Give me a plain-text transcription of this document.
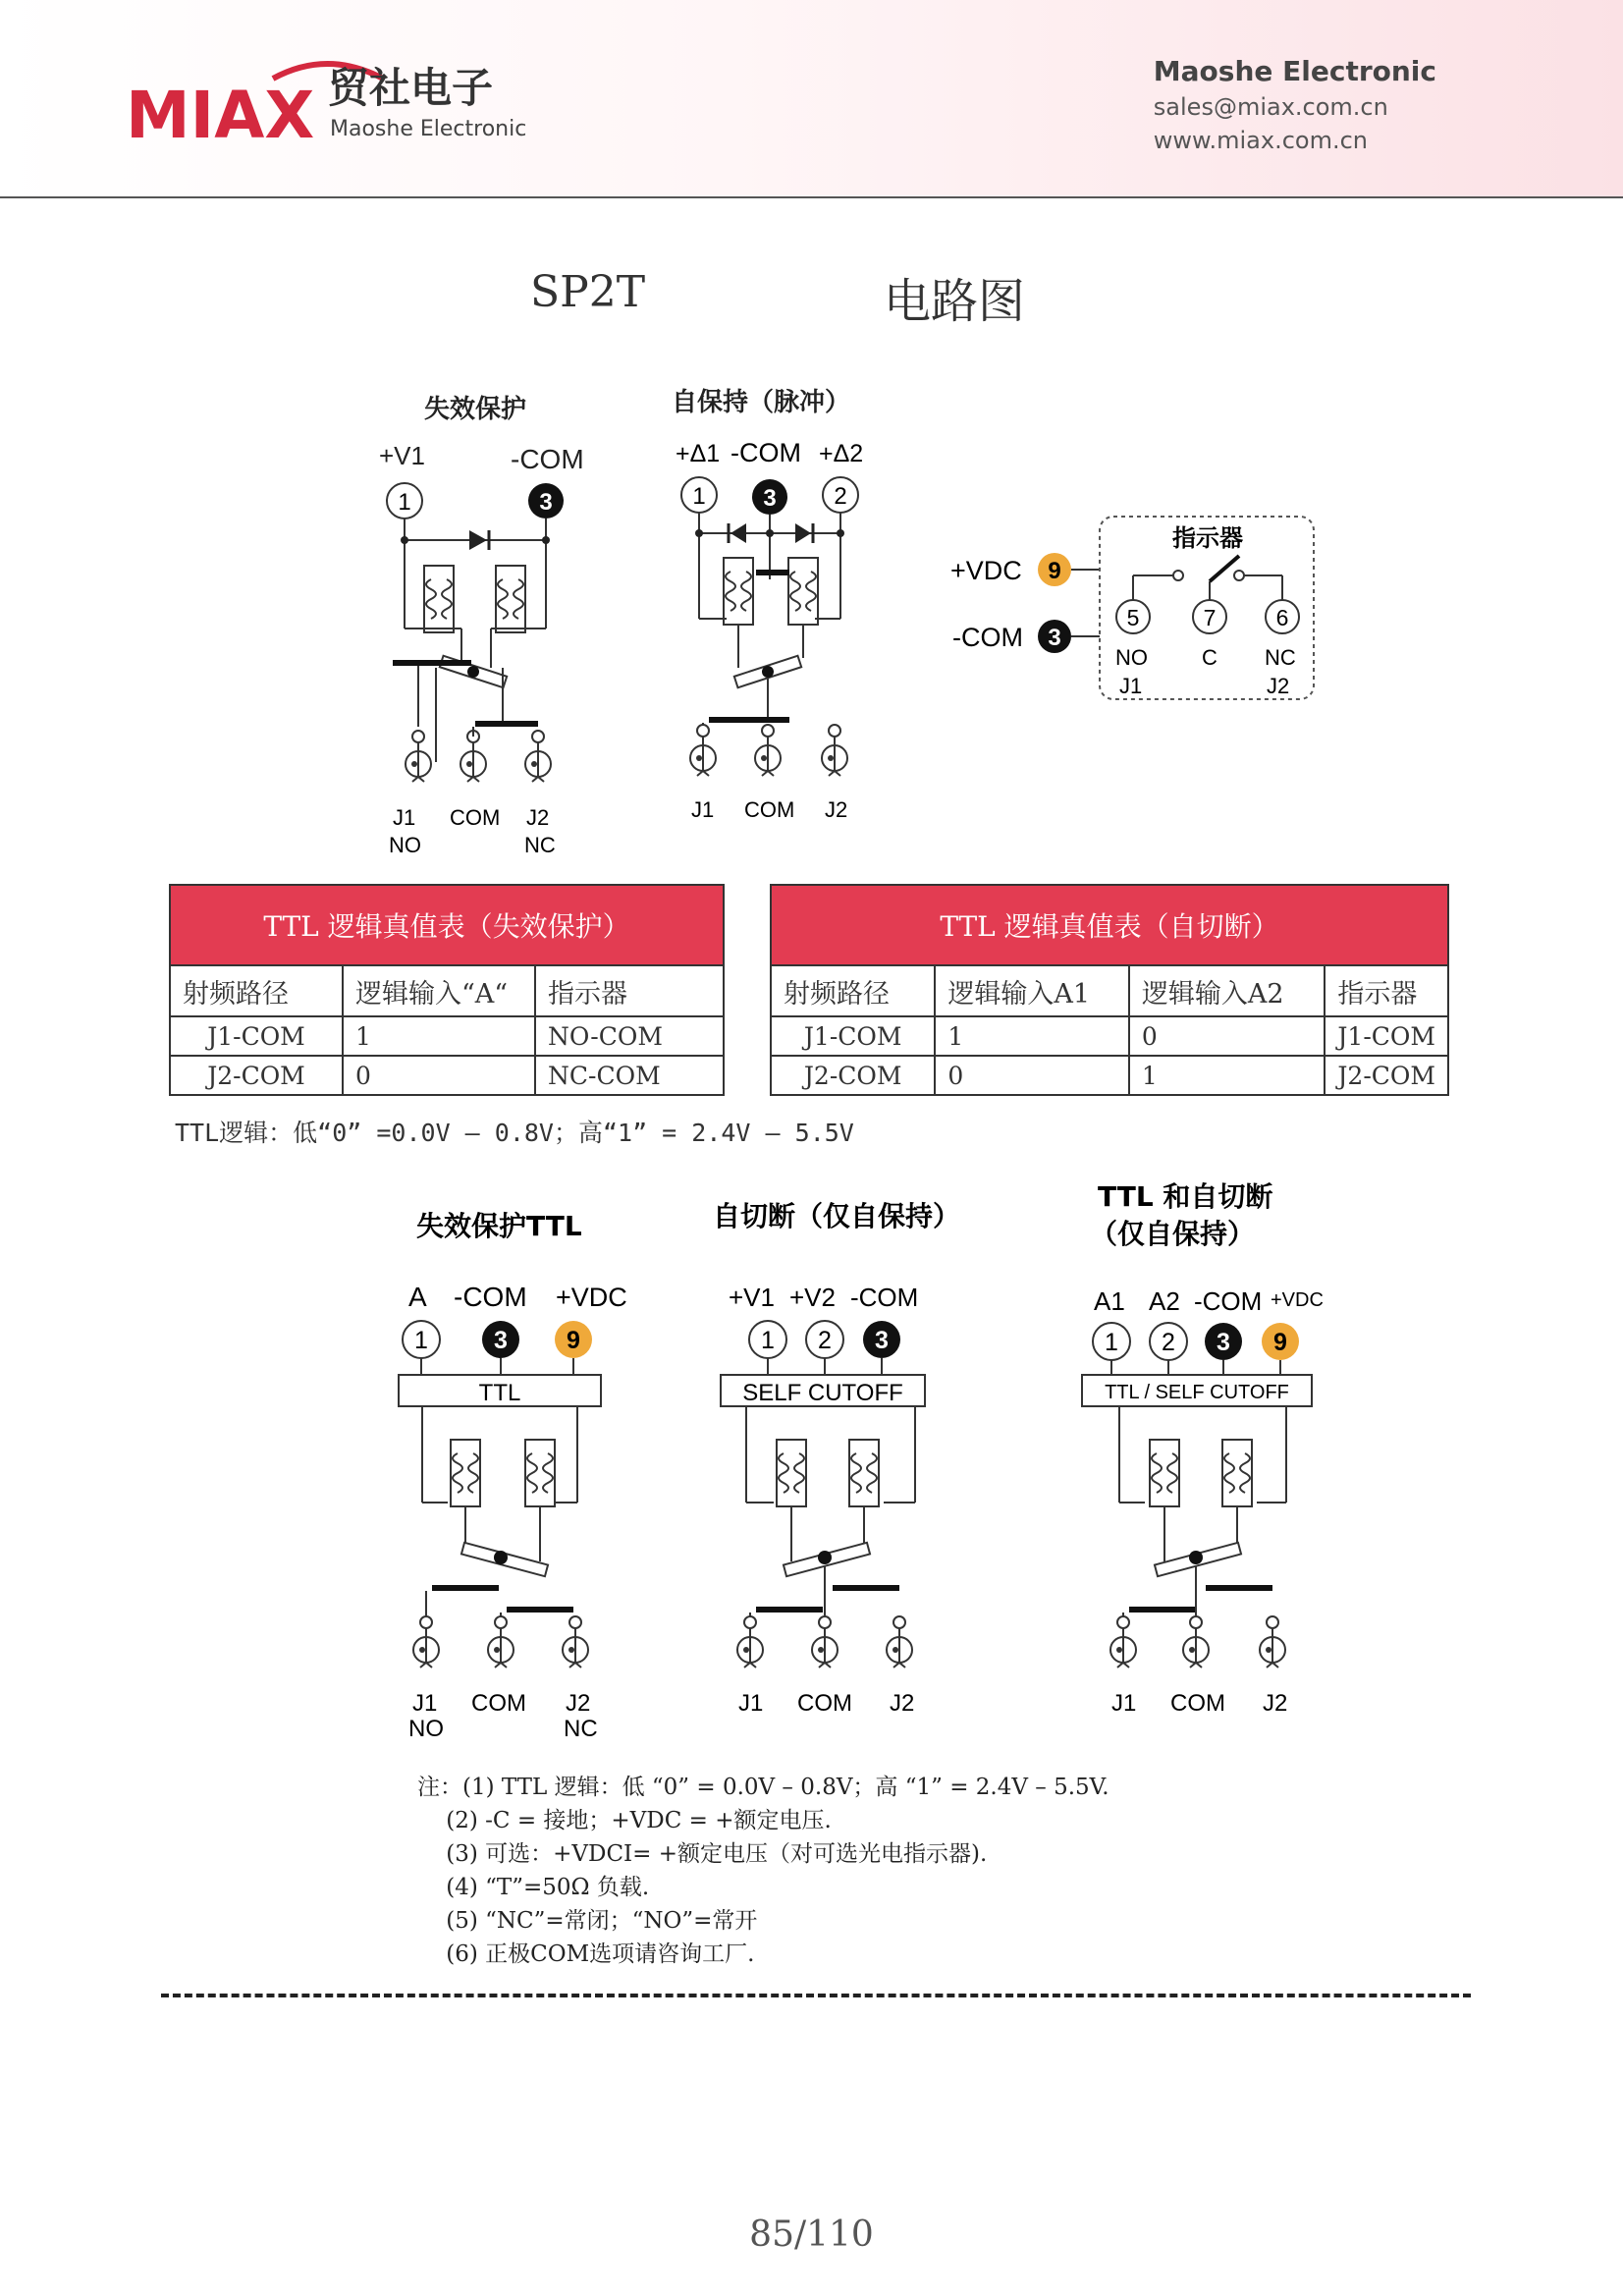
MIAX 贸社电子
Maoshe Electronic
Maoshe Electronic
sales@miax.com.cn
www.miax.com.cn
SP2T	电路图
失效保护
+V1	-COM
1	3
J1 COM J2
NO	NC
自保持（脉冲）
+Δ1 -COM +Δ2
1 3 2
J1 COM J2
+VDC
-COM
9
3
指示器
5	7	6
NO	C NC
J1	J2
TTL 逻辑真值表（失效保护）		
射频路径	逻辑输入“A“	指示器
J1-COM	1	NO-COM
J2-COM	0	NC-COM
TTL 逻辑真值表（自切断）			
射频路径	逻辑输入A1	逻辑输入A2	指示器
J1-COM	1	0	J1-COM
J2-COM	0	1	J2-COM
TTL逻辑：低“0” =0.0V – 0.8V；高“1” = 2.4V – 5.5V
失效保护TTL
A -COM +VDC
1	3 9
TTL
J1 COM J2
NO	NC
自切断（仅自保持）
+V1 +V2 -COM
1 2 3
SELF CUTOFF
J1 COM J2
TTL 和自切断
（仅自保持）
A1 A2 -COM +VDC
1 2 3 9
TTL / SELF CUTOFF
J1 COM J2
注：(1) TTL 逻辑：低 “0” = 0.0V – 0.8V；高 “1” = 2.4V – 5.5V.
(2) -C = 接地；+VDC = +额定电压.
(3) 可选：+VDCI= +额定电压（对可选光电指示器).
(4) “T”=50Ω 负载.
(5) “NC”=常闭；“NO”=常开
(6) 正极COM选项请咨询工厂.
85/110
